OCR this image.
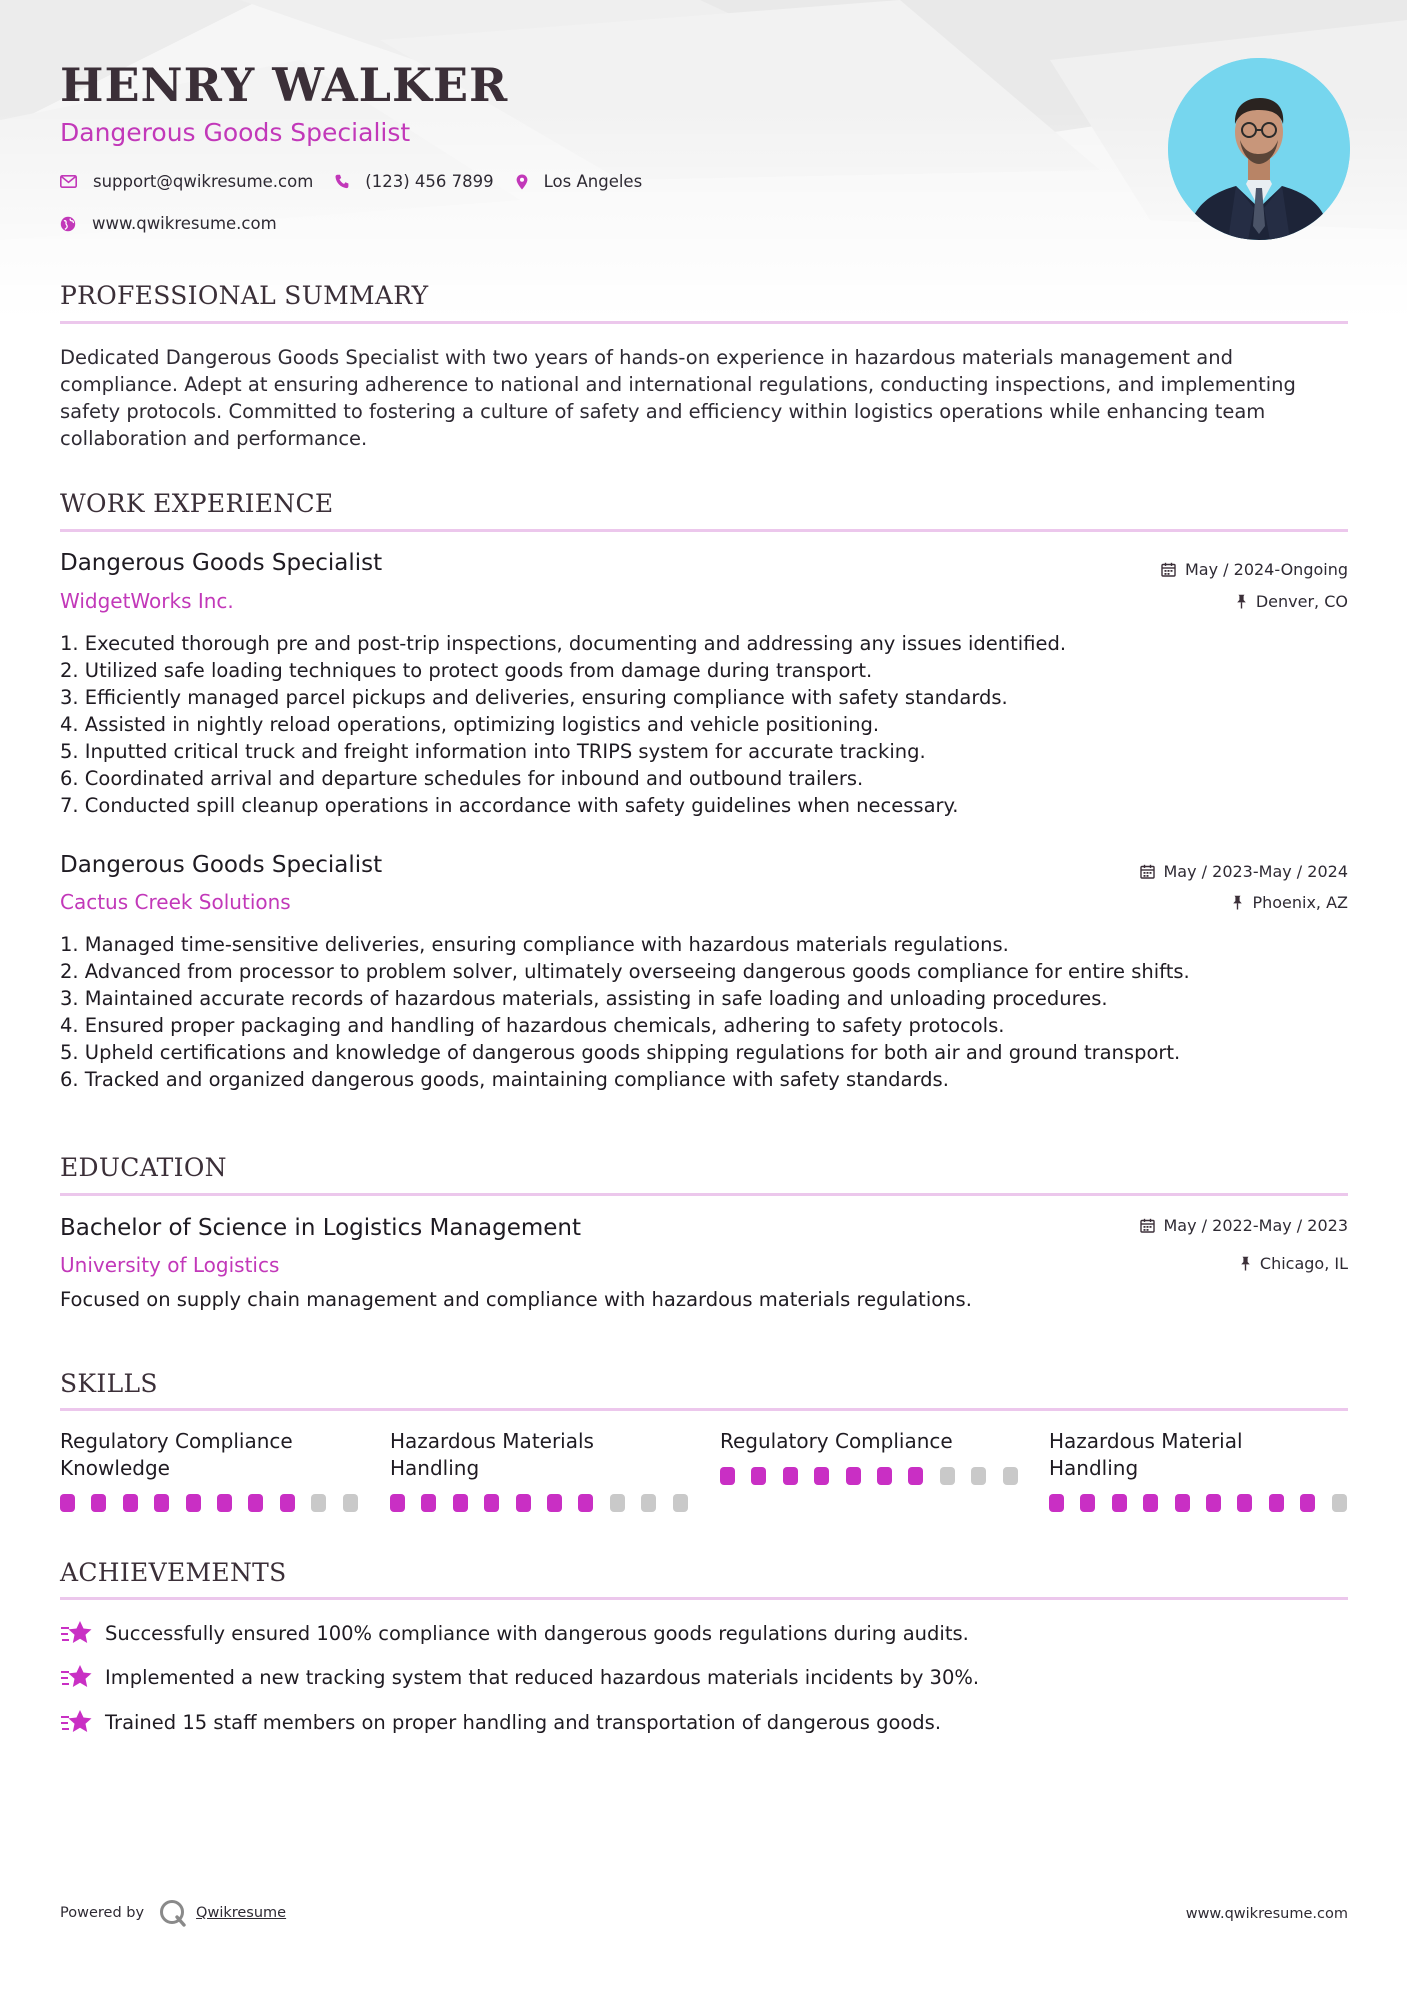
HENRY WALKER
Dangerous Goods Specialist
support@qwikresume.com	(123) 456 7899	Los Angeles
www.qwikresume.com
PROFESSIONAL SUMMARY

Dedicated Dangerous Goods Specialist with two years of hands-on experience in hazardous materials management and compliance. Adept at ensuring adherence to national and international regulations, conducting inspections, and implementing safety protocols. Committed to fostering a culture of safety and efficiency within logistics operations while enhancing team collaboration and performance.

WORK EXPERIENCE
Dangerous Goods Specialist
WidgetWorks Inc.
May / 2024-Ongoing
Denver, CO
1. Executed thorough pre and post-trip inspections, documenting and addressing any issues identified.
2. Utilized safe loading techniques to protect goods from damage during transport.
3. Efficiently managed parcel pickups and deliveries, ensuring compliance with safety standards.
4. Assisted in nightly reload operations, optimizing logistics and vehicle positioning.
5. Inputted critical truck and freight information into TRIPS system for accurate tracking.
6. Coordinated arrival and departure schedules for inbound and outbound trailers.
7. Conducted spill cleanup operations in accordance with safety guidelines when necessary.
Dangerous Goods Specialist
Cactus Creek Solutions
May / 2023-May / 2024
Phoenix, AZ
1. Managed time-sensitive deliveries, ensuring compliance with hazardous materials regulations.
2. Advanced from processor to problem solver, ultimately overseeing dangerous goods compliance for entire shifts.
3. Maintained accurate records of hazardous materials, assisting in safe loading and unloading procedures.
4. Ensured proper packaging and handling of hazardous chemicals, adhering to safety protocols.
5. Upheld certifications and knowledge of dangerous goods shipping regulations for both air and ground transport.
6. Tracked and organized dangerous goods, maintaining compliance with safety standards.
EDUCATION
Bachelor of Science in Logistics Management
University of Logistics
May / 2022-May / 2023
Chicago, IL

Focused on supply chain management and compliance with hazardous materials regulations.

SKILLS

Regulatory Compliance

Knowledge

Hazardous Materials

Handling

Regulatory Compliance	Hazardous Material

Handling

ACHIEVEMENTS
Successfully ensured 100% compliance with dangerous goods regulations during audits.
Implemented a new tracking system that reduced hazardous materials incidents by 30%.
Trained 15 staff members on proper handling and transportation of dangerous goods.
Powered by	Qwikresume	www.qwikresume.com
